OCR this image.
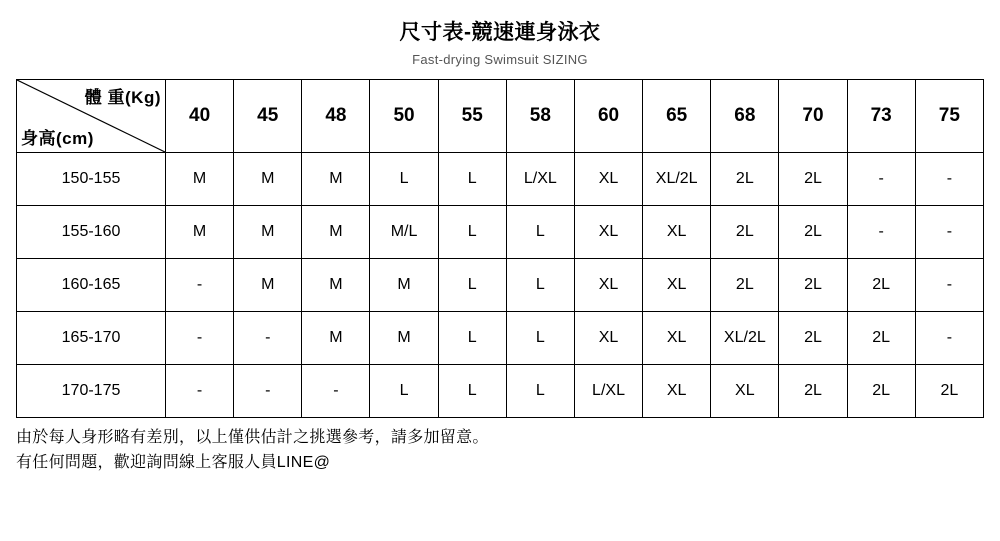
尺寸表-競速連身泳衣
Fast-drying Swimsuit SIZING
體 重(Kg)
身高(cm)	40	45	48	50	55	58	60	65	68	70	73	75
150-155	M	M	M	L	L	L/XL	XL	XL/2L	2L	2L	-	-
155-160	M	M	M	M/L	L	L	XL	XL	2L	2L	-	-
160-165	-	M	M	M	L	L	XL	XL	2L	2L	2L	-
165-170	-	-	M	M	L	L	XL	XL	XL/2L	2L	2L	-
170-175	-	-	-	L	L	L	L/XL	XL	XL	2L	2L	2L
由於每人身形略有差別，以上僅供估計之挑選參考，請多加留意。
有任何問題，歡迎詢問線上客服人員LINE@
